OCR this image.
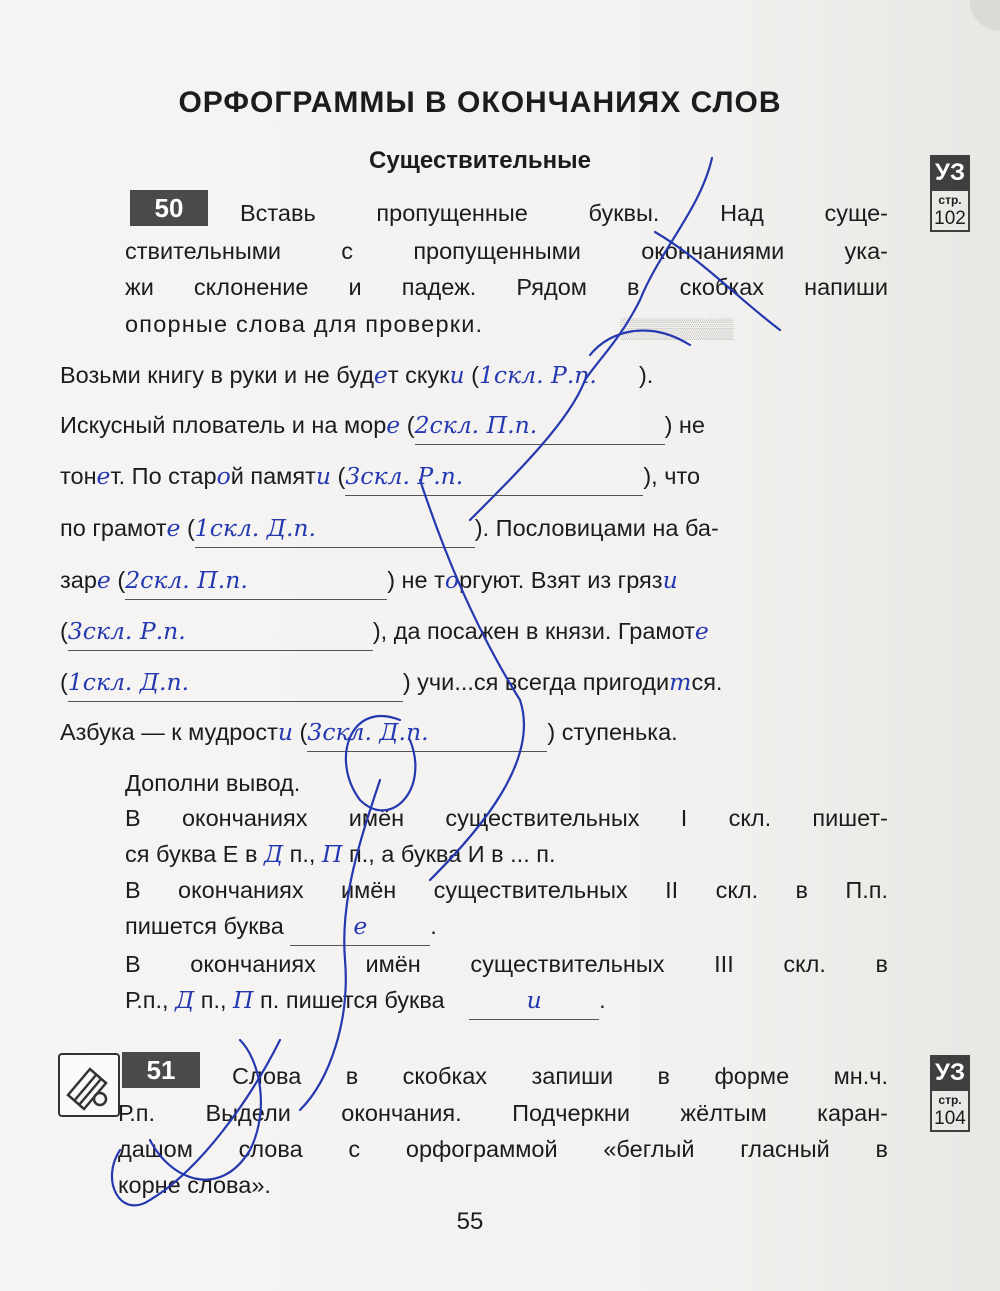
▒▒▒▒▒▒▒▒
ОРФОГРАММЫ В ОКОНЧАНИЯХ СЛОВ
Существительные
50
УЗ
стр.
102
Вставь пропущенные буквы. Над суще-
ствительными с пропущенными окончаниями ука-
жи склонение и падеж. Рядом в скобках напиши
опорные слова для проверки.
Возьми книгу в руки и не будет скуки (1скл. Р.п. ).
Искусный плователь и на море (2скл. П.п.	) не
тонет. По старой памяти (3скл. Р.п.	), что
по грамоте (1скл. Д.п.	). Пословицами на ба-
заре (2скл. П.п.	) не торгуют. Взят из грязи
(3скл. Р.п.	), да посажен в князи. Грамоте
(1скл. Д.п.	) учи...ся всегда пригодится.
Азбука — к мудрости (3скл. Д.п.	) ступенька.
Дополни вывод.
В окончаниях имён существительных I скл. пишет-
ся буква Е в Д п., П п., а буква И в ... п.
В окончаниях имён существительных II скл. в П.п.
пишется буква	е	.
В окончаниях имён существительных III скл. в
Р.п., Д п., П п. пишется буква	и .
51	УЗ
стр.
104
Слова в скобках запиши в форме мн.ч.
Р.п. Выдели окончания. Подчеркни жёлтым каран-
дашом слова с орфограммой «беглый гласный в
корне слова».
55
